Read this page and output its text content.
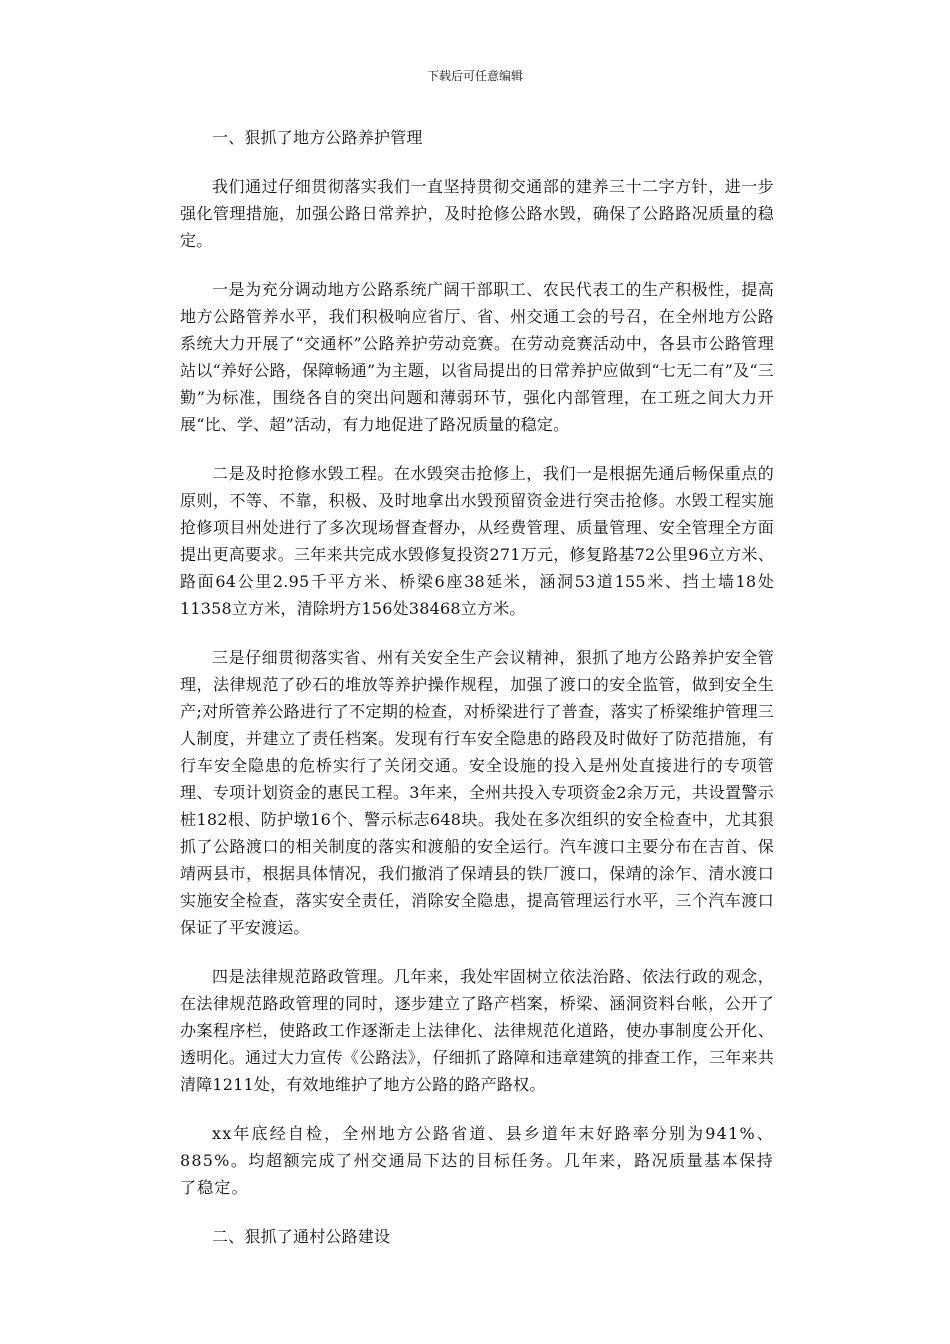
下载后可任意编辑

一、狠抓了地方公路养护管理

我们通过仔细贯彻落实我们一直坚持贯彻交通部的建养三十二字方针，进一步强化管理措施，加强公路日常养护，及时抢修公路水毁，确保了公路路况质量的稳定。

一是为充分调动地方公路系统广阔干部职工、农民代表工的生产积极性，提高地方公路管养水平，我们积极响应省厅、省、州交通工会的号召，在全州地方公路系统大力开展了“交通杯”公路养护劳动竞赛。在劳动竞赛活动中，各县市公路管理站以“养好公路，保障畅通”为主题，以省局提出的日常养护应做到“七无二有”及“三勤”为标准，围绕各自的突出问题和薄弱环节，强化内部管理，在工班之间大力开展“比、学、超”活动，有力地促进了路况质量的稳定。

二是及时抢修水毁工程。在水毁突击抢修上，我们一是根据先通后畅保重点的原则，不等、不靠，积极、及时地拿出水毁预留资金进行突击抢修。水毁工程实施抢修项目州处进行了多次现场督查督办，从经费管理、质量管理、安全管理全方面提出更高要求。三年来共完成水毁修复投资271万元，修复路基72公里96立方米、路面64公里2.95千平方米、桥梁6座38延米，涵洞53道155米、挡土墙18处11358立方米，清除坍方156处38468立方米。

三是仔细贯彻落实省、州有关安全生产会议精神，狠抓了地方公路养护安全管理，法律规范了砂石的堆放等养护操作规程，加强了渡口的安全监管，做到安全生产;对所管养公路进行了不定期的检查，对桥梁进行了普查，落实了桥梁维护管理三人制度，并建立了责任档案。发现有行车安全隐患的路段及时做好了防范措施，有行车安全隐患的危桥实行了关闭交通。安全设施的投入是州处直接进行的专项管理、专项计划资金的惠民工程。3年来，全州共投入专项资金2余万元，共设置警示桩182根、防护墩16个、警示标志648块。我处在多次组织的安全检查中，尤其狠抓了公路渡口的相关制度的落实和渡船的安全运行。汽车渡口主要分布在吉首、保靖两县市，根据具体情况，我们撤消了保靖县的铁厂渡口，保靖的涂乍、清水渡口实施安全检查，落实安全责任，消除安全隐患，提高管理运行水平，三个汽车渡口保证了平安渡运。

四是法律规范路政管理。几年来，我处牢固树立依法治路、依法行政的观念，在法律规范路政管理的同时，逐步建立了路产档案，桥梁、涵洞资料台帐，公开了办案程序栏，使路政工作逐渐走上法律化、法律规范化道路，使办事制度公开化、透明化。通过大力宣传《公路法》，仔细抓了路障和违章建筑的排查工作，三年来共清障1211处，有效地维护了地方公路的路产路权。

xx年底经自检，全州地方公路省道、县乡道年末好路率分别为941%、885%。均超额完成了州交通局下达的目标任务。几年来，路况质量基本保持了稳定。

二、狠抓了通村公路建设
